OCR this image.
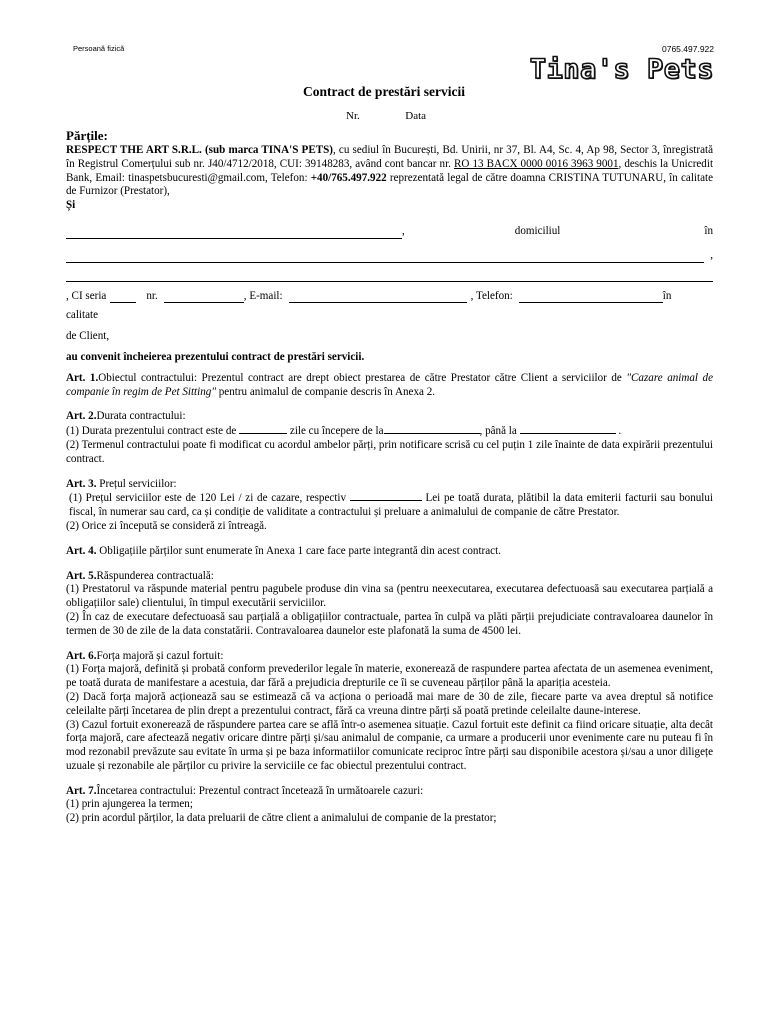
Persoană fizică	0765.497.922
Tina's Pets
Contract de prestări servicii
Nr.	Data
Părțile:

RESPECT THE ART S.R.L. (sub marca TINA'S PETS), cu sediul în București, Bd. Unirii, nr 37, Bl. A4, Sc. 4, Ap 98, Sector 3, înregistrată în Registrul Comerțului sub nr. J40/4712/2018, CUI: 39148283, având cont bancar nr. RO 13 BACX 0000 0016 3963 9001, deschis la Unicredit Bank, Email: tinaspetsbucuresti@gmail.com, Telefon: +40/765.497.922 reprezentată legal de către doamna CRISTINA TUTUNARU, în calitate de Furnizor (Prestator),

Și

,	domiciliul	în
,
, CI seria	nr.	, E-mail:	, Telefon:	în

calitate

de Client,

au convenit încheierea prezentului contract de prestări servicii.

Art. 1.Obiectul contractului: Prezentul contract are drept obiect prestarea de către Prestator către Client a serviciilor de "Cazare animal de companie în regim de Pet Sitting" pentru animalul de companie descris în Anexa 2.

Art. 2.Durata contractului:

(1) Durata prezentului contract este de	zile cu începere de la	, până la	.

(2) Termenul contractului poate fi modificat cu acordul ambelor părți, prin notificare scrisă cu cel puțin 1 zile înainte de data expirării prezentului contract.

Art. 3. Prețul serviciilor:

(1) Prețul serviciilor este de 120 Lei / zi de cazare, respectiv	Lei pe toată durata, plătibil la data emiterii facturii sau bonului fiscal, în numerar sau card, ca și condiție de validitate a contractului și preluare a animalului de companie de către Prestator.

(2) Orice zi începută se consideră zi întreagă.

Art. 4. Obligațiile părților sunt enumerate în Anexa 1 care face parte integrantă din acest contract.

Art. 5.Răspunderea contractuală:

(1) Prestatorul va răspunde material pentru pagubele produse din vina sa (pentru neexecutarea, executarea defectuoasă sau executarea parțială a obligațiilor sale) clientului, în timpul executării serviciilor.

(2) În caz de executare defectuoasă sau parțială a obligațiilor contractuale, partea în culpă va plăti părții prejudiciate contravaloarea daunelor în termen de 30 de zile de la data constatării. Contravaloarea daunelor este plafonată la suma de 4500 lei.

Art. 6.Forța majoră și cazul fortuit:

(1) Forța majoră, definită și probată conform prevederilor legale în materie, exonerează de raspundere partea afectata de un asemenea eveniment, pe toată durata de manifestare a acestuia, dar fără a prejudicia drepturile ce îi se cuveneau părților până la apariția acesteia.

(2) Dacă forța majoră acționează sau se estimează că va acționa o perioadă mai mare de 30 de zile, fiecare parte va avea dreptul să notifice celeilalte părți încetarea de plin drept a prezentului contract, fără ca vreuna dintre părți să poată pretinde celeilalte daune-interese.

(3) Cazul fortuit exonerează de răspundere partea care se află într-o asemenea situație. Cazul fortuit este definit ca fiind oricare situație, alta decât forța majoră, care afectează negativ oricare dintre părți și/sau animalul de companie, ca urmare a producerii unor evenimente care nu puteau fi în mod rezonabil prevăzute sau evitate în urma și pe baza informatiilor comunicate reciproc între părți sau disponibile acestora și/sau a unor diligețe uzuale și rezonabile ale părților cu privire la serviciile ce fac obiectul prezentului contract.

Art. 7.Încetarea contractului: Prezentul contract încetează în următoarele cazuri:

(1) prin ajungerea la termen;

(2) prin acordul părților, la data preluarii de către client a animalului de companie de la prestator;
